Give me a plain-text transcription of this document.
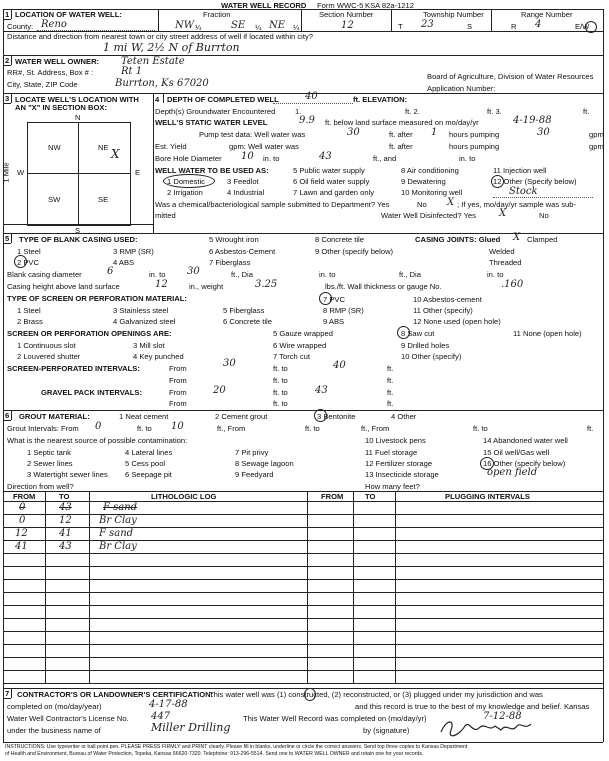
WATER WELL RECORD Form WWC-5 KSA 82a-1212
1 LOCATION OF WATER WELL:
County: Reno
Fraction
NW ¼	SE ¼ NE ¼
Section Number
12
Township Number
T 23	S
Range Number
R 4	E/W
Distance and direction from nearest town or city street address of well if located within city?
1 mi W, 2½ N of Burrton
2 WATER WELL OWNER: Teten Estate
RR#, St. Address, Box # :	Rt 1
City, State, ZIP Code	Burrton, Ks 67020
Board of Agriculture, Division of Water Resources
Application Number:
3 LOCATE WELL'S LOCATION WITH
AN "X" IN SECTION BOX:
NW	NE
SW	SE
X
N
S
W	E
1 Mile
4 DEPTH OF COMPLETED WELL	40	ft. ELEVATION:
Depth(s) Groundwater Encountered	1.	ft. 2.	ft. 3.	ft.
WELL'S STATIC WATER LEVEL	9.9 ft. below land surface measured on mo/day/yr	4-19-88
Pump test data: Well water was	30	ft. after 1 hours pumping	30	gpm
Est. Yield	gpm: Well water was	ft. after	hours pumping	gpm
Bore Hole Diameter 10 in. to	43	ft., and	in. to
WELL WATER TO BE USED AS:
1 Domestic
2 Irrigation
3 Feedlot
4 Industrial
5 Public water supply
6 Oil field water supply
7 Lawn and garden only
8 Air conditioning
9 Dewatering
10 Monitoring well
11 Injection well
12 Other (Specify below)
Stock
Was a chemical/bacteriological sample submitted to Department? Yes	No X ; If yes, mo/day/yr sample was sub-
mitted	Water Well Disinfected? Yes X	No
5 TYPE OF BLANK CASING USED:
1 Steel
2 PVC
3 RMP (SR)
4 ABS
5 Wrought iron
6 Asbestos-Cement
7 Fiberglass
8 Concrete tile
9 Other (specify below)
CASING JOINTS: Glued X Clamped
Welded
Threaded
Blank casing diameter	6	in. to 30	ft., Dia	in. to	ft., Dia	in. to
Casing height above land surface	12	in., weight	3.25	lbs./ft. Wall thickness or gauge No.	.160
TYPE OF SCREEN OR PERFORATION MATERIAL:
1 Steel
2 Brass
3 Stainless steel
4 Galvanized steel
5 Fiberglass
6 Concrete tile
7 PVC
8 RMP (SR)
9 ABS
10 Asbestos-cement
11 Other (specify)
12 None used (open hole)
SCREEN OR PERFORATION OPENINGS ARE:
1 Continuous slot
2 Louvered shutter
3 Mill slot
4 Key punched
5 Gauze wrapped
6 Wire wrapped
7 Torch cut
8 Saw cut
9 Drilled holes
10 Other (specify)
11 None (open hole)
SCREEN-PERFORATED INTERVALS:	From	30	ft. to	40	ft.
From	ft. to	ft.
GRAVEL PACK INTERVALS:	From	20	ft. to	43	ft.
From	ft. to	ft.
6 GROUT MATERIAL:	1 Neat cement	2 Cement grout	3 Bentonite	4 Other
Grout Intervals: From 0	ft. to 10	ft., From	ft. to	ft., From	ft. to	ft.
What is the nearest source of possible contamination:
1 Septic tank
2 Sewer lines
3 Watertight sewer lines
4 Lateral lines
5 Cess pool
6 Seepage pit
7 Pit privy
8 Sewage lagoon
9 Feedyard
10 Livestock pens
11 Fuel storage
12 Fertilizer storage
13 Insecticide storage
14 Abandoned water well
15 Oil well/Gas well
16 Other (specify below)
open field
Direction from well?	How many feet?
FROM	TO	LITHOLOGIC LOG	FROM	TO	PLUGGING INTERVALS
0	43	F sand
0	12	Br Clay
12	41	F sand
41	43	Br Clay
7 CONTRACTOR'S OR LANDOWNER'S CERTIFICATION:
This water well was (1) constructed, (2) reconstructed, or (3) plugged under my jurisdiction and was
completed on (mo/day/year)	4-17-88	and this record is true to the best of my knowledge and belief. Kansas
Water Well Contractor's License No. 447	This Water Well Record was completed on (mo/day/yr)	7-12-88
under the business name of	Miller Drilling	by (signature)
INSTRUCTIONS: Use typewriter or ball point pen. PLEASE PRESS FIRMLY and PRINT clearly. Please fill in blanks, underline or circle the correct answers. Send top three copies to Kansas Department
of Health and Environment, Bureau of Water Protection, Topeka, Kansas 66620-7320. Telephone: 913-296-5514. Send one to WATER WELL OWNER and retain one for your records.
